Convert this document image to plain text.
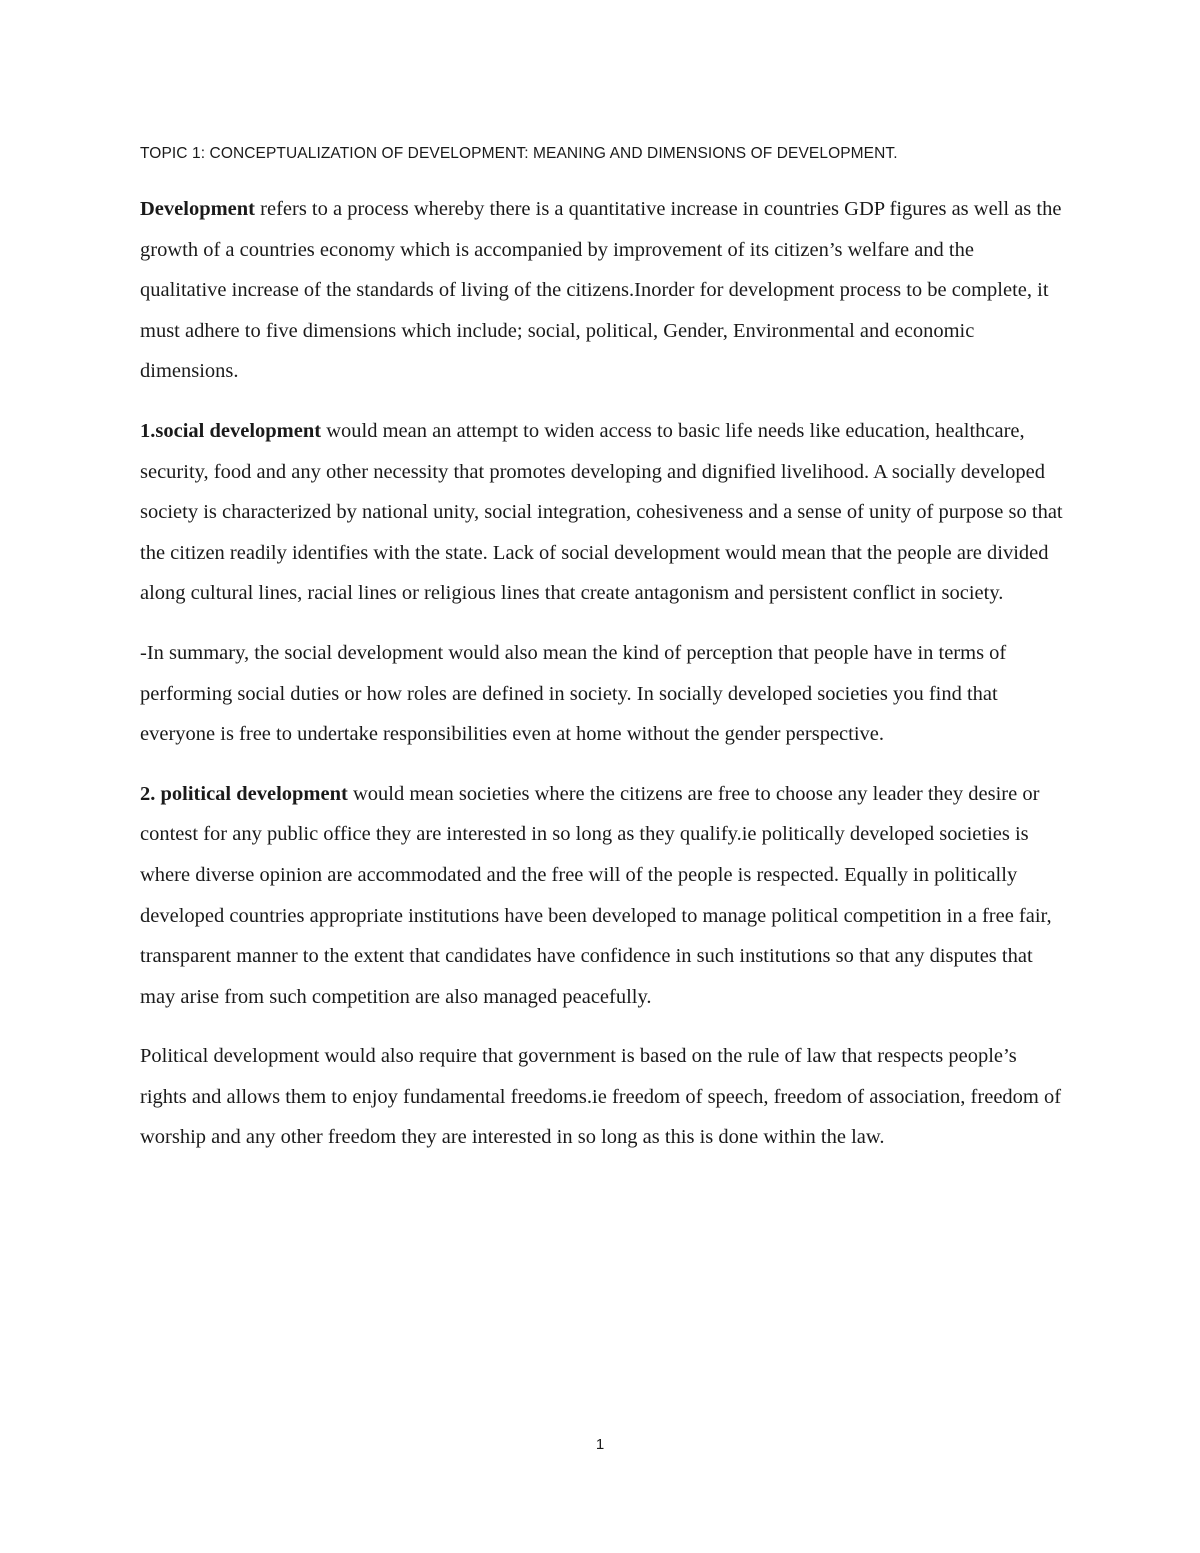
TOPIC 1: CONCEPTUALIZATION OF DEVELOPMENT: MEANING AND DIMENSIONS OF DEVELOPMENT.

Development refers to a process whereby there is a quantitative increase in countries GDP figures as well as the growth of a countries economy which is accompanied by improvement of its citizen’s welfare and the qualitative increase of the standards of living of the citizens.Inorder for development process to be complete, it must adhere to five dimensions which include; social, political, Gender, Environmental and economic dimensions.

1.social development would mean an attempt to widen access to basic life needs like education, healthcare, security, food and any other necessity that promotes developing and dignified livelihood. A socially developed society is characterized by national unity, social integration, cohesiveness and a sense of unity of purpose so that the citizen readily identifies with the state. Lack of social development would mean that the people are divided along cultural lines, racial lines or religious lines that create antagonism and persistent conflict in society.

-In summary, the social development would also mean the kind of perception that people have in terms of performing social duties or how roles are defined in society. In socially developed societies you find that everyone is free to undertake responsibilities even at home without the gender perspective.

2. political development would mean societies where the citizens are free to choose any leader they desire or contest for any public office they are interested in so long as they qualify.ie politically developed societies is where diverse opinion are accommodated and the free will of the people is respected. Equally in politically developed countries appropriate institutions have been developed to manage political competition in a free fair, transparent manner to the extent that candidates have confidence in such institutions so that any disputes that may arise from such competition are also managed peacefully.

Political development would also require that government is based on the rule of law that respects people’s rights and allows them to enjoy fundamental freedoms.ie freedom of speech, freedom of association, freedom of worship and any other freedom they are interested in so long as this is done within the law.

1
